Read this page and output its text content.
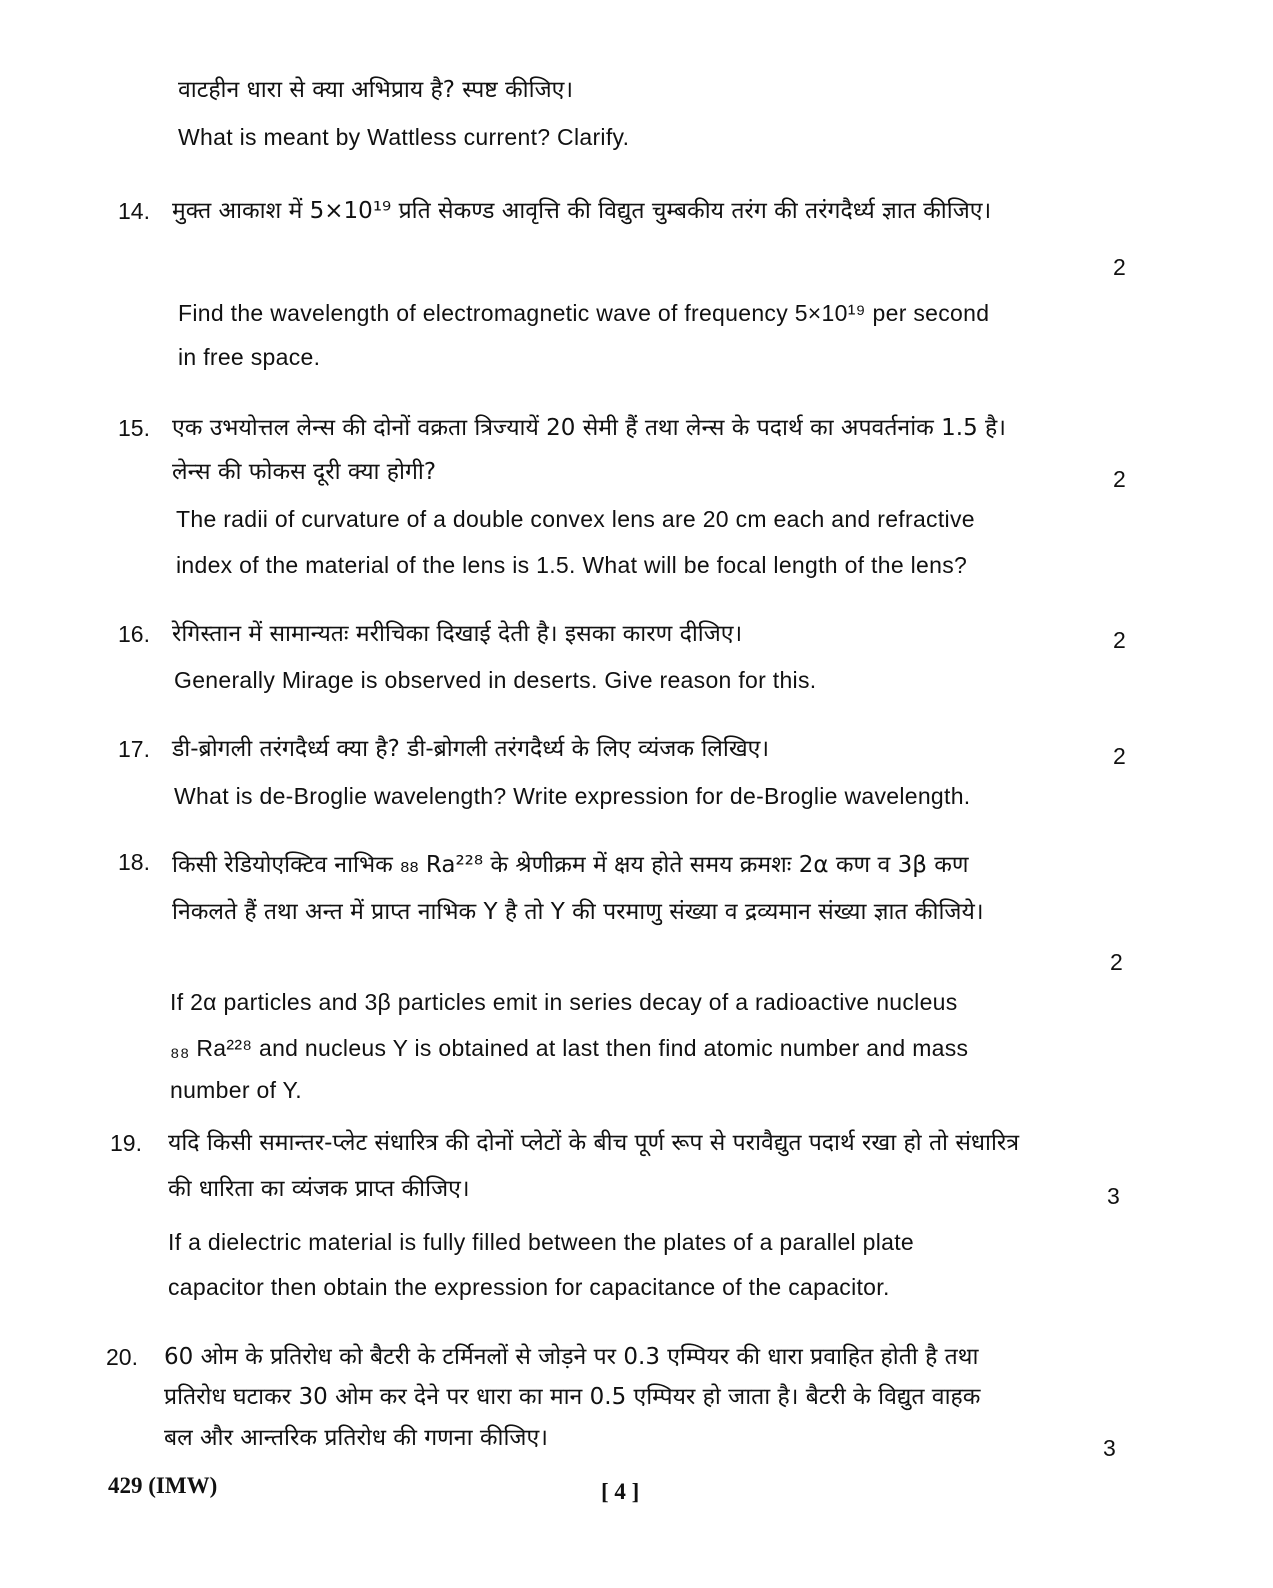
वाटहीन धारा से क्या अभिप्राय है? स्पष्ट कीजिए।
What is meant by Wattless current? Clarify.
14. मुक्त आकाश में 5×10¹⁹ प्रति सेकण्ड आवृत्ति की विद्युत चुम्बकीय तरंग की तरंगदैर्ध्य ज्ञात कीजिए।
2
Find the wavelength of electromagnetic wave of frequency 5×10¹⁹ per second
in free space.
15. एक उभयोत्तल लेन्स की दोनों वक्रता त्रिज्यायें 20 सेमी हैं तथा लेन्स के पदार्थ का अपवर्तनांक 1.5 है।
लेन्स की फोकस दूरी क्या होगी?	2
The radii of curvature of a double convex lens are 20 cm each and refractive
index of the material of the lens is 1.5. What will be focal length of the lens?
16. रेगिस्तान में सामान्यतः मरीचिका दिखाई देती है। इसका कारण दीजिए।	2
Generally Mirage is observed in deserts. Give reason for this.
17. डी-ब्रोगली तरंगदैर्ध्य क्या है? डी-ब्रोगली तरंगदैर्ध्य के लिए व्यंजक लिखिए।	2
What is de-Broglie wavelength? Write expression for de-Broglie wavelength.
18. किसी रेडियोएक्टिव नाभिक ₈₈ Ra²²⁸ के श्रेणीक्रम में क्षय होते समय क्रमशः 2α कण व 3β कण
निकलते हैं तथा अन्त में प्राप्त नाभिक Y है तो Y की परमाणु संख्या व द्रव्यमान संख्या ज्ञात कीजिये।
2
If 2α particles and 3β particles emit in series decay of a radioactive nucleus
₈₈ Ra²²⁸ and nucleus Y is obtained at last then find atomic number and mass
number of Y.
19. यदि किसी समान्तर-प्लेट संधारित्र की दोनों प्लेटों के बीच पूर्ण रूप से परावैद्युत पदार्थ रखा हो तो संधारित्र
की धारिता का व्यंजक प्राप्त कीजिए।	3
If a dielectric material is fully filled between the plates of a parallel plate
capacitor then obtain the expression for capacitance of the capacitor.
20. 60 ओम के प्रतिरोध को बैटरी के टर्मिनलों से जोड़ने पर 0.3 एम्पियर की धारा प्रवाहित होती है तथा
प्रतिरोध घटाकर 30 ओम कर देने पर धारा का मान 0.5 एम्पियर हो जाता है। बैटरी के विद्युत वाहक
बल और आन्तरिक प्रतिरोध की गणना कीजिए।	3
429 (IMW)	[ 4 ]
